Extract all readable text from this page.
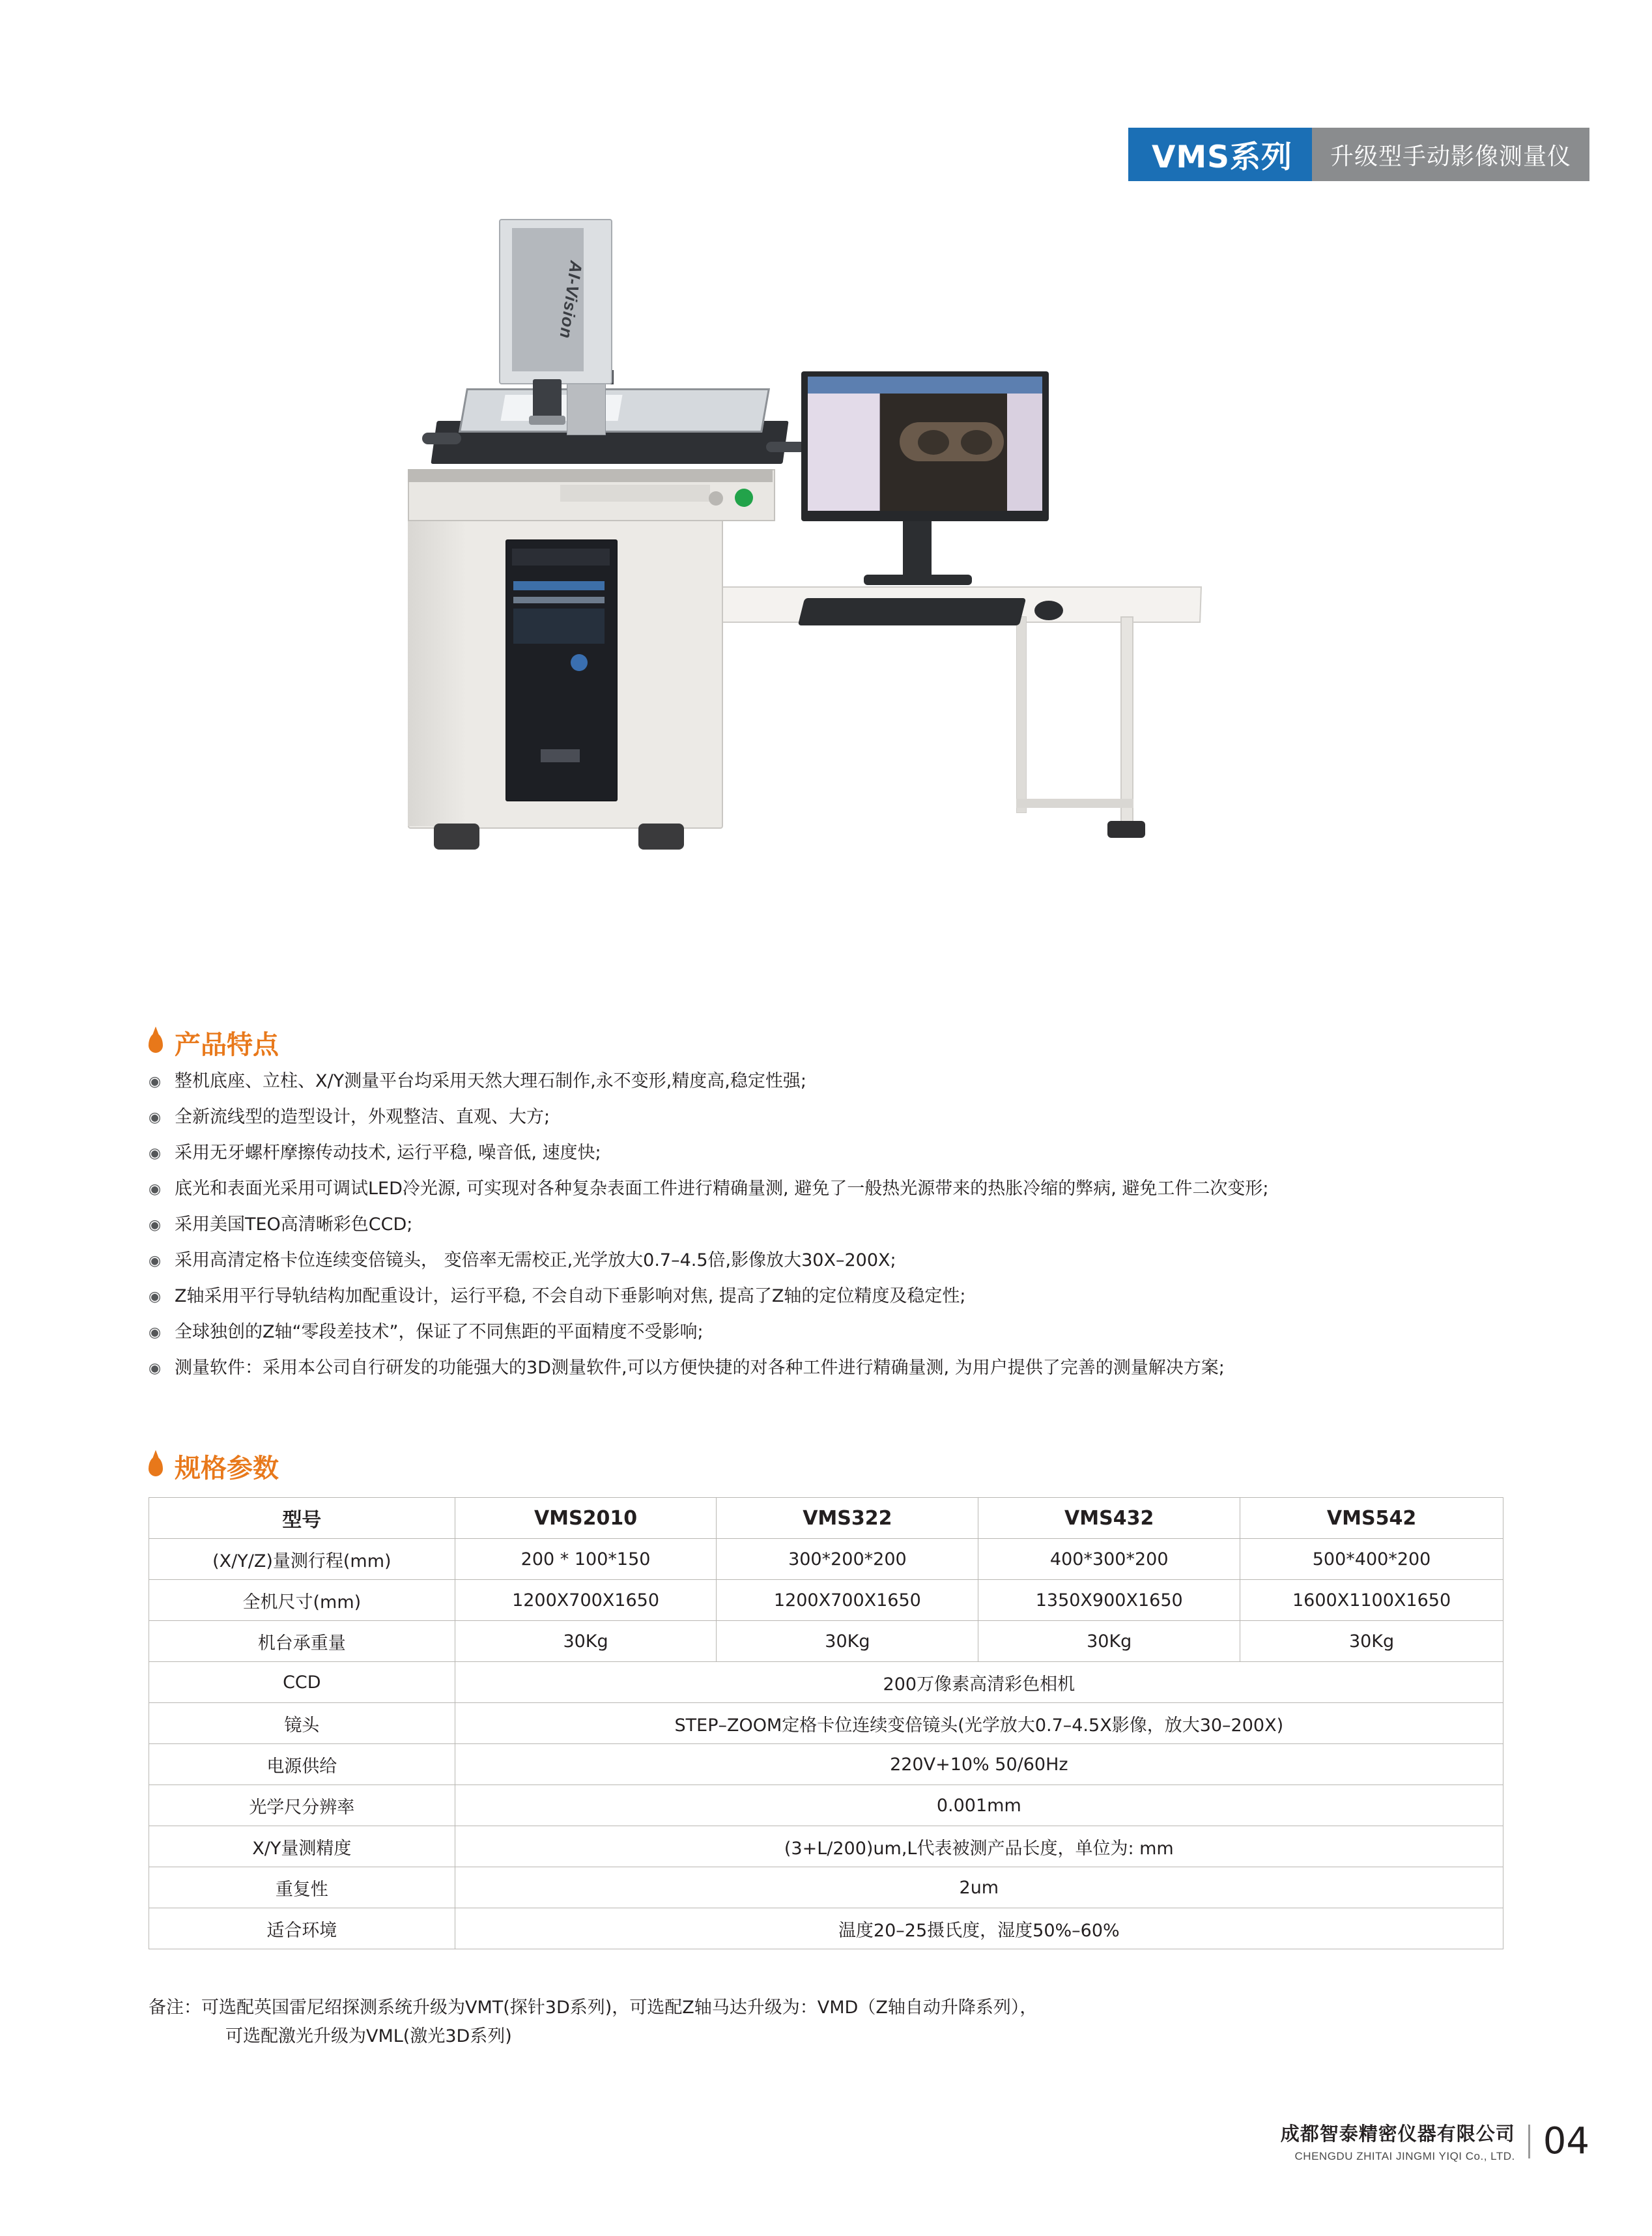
VMS系列	升级型手动影像测量仪
AI-Vision
产品特点
◉ 整机底座、立柱、X/Y测量平台均采用天然大理石制作,永不变形,精度高,稳定性强;
◉ 全新流线型的造型设计，外观整洁、直观、大方;
◉ 采用无牙螺杆摩擦传动技术, 运行平稳, 噪音低, 速度快;
◉ 底光和表面光采用可调试LED冷光源, 可实现对各种复杂表面工件进行精确量测, 避免了一般热光源带来的热胀冷缩的弊病, 避免工件二次变形;
◉ 采用美国TEO高清晰彩色CCD;
◉ 采用高清定格卡位连续变倍镜头， 变倍率无需校正,光学放大0.7–4.5倍,影像放大30X–200X;
◉ Z轴采用平行导轨结构加配重设计，运行平稳, 不会自动下垂影响对焦, 提高了Z轴的定位精度及稳定性;
◉ 全球独创的Z轴“零段差技术”，保证了不同焦距的平面精度不受影响;
◉ 测量软件：采用本公司自行研发的功能强大的3D测量软件,可以方便快捷的对各种工件进行精确量测, 为用户提供了完善的测量解决方案;
规格参数
型号	VMS2010	VMS322	VMS432	VMS542
(X/Y/Z)量测行程(mm)	200 * 100*150	300*200*200	400*300*200	500*400*200
全机尺寸(mm)	1200X700X1650	1200X700X1650	1350X900X1650	1600X1100X1650
机台承重量	30Kg	30Kg	30Kg	30Kg
CCD	200万像素高清彩色相机			
镜头	STEP–ZOOM定格卡位连续变倍镜头(光学放大0.7–4.5X影像，放大30–200X)			
电源供给	220V+10% 50/60Hz			
光学尺分辨率	0.001mm			
X/Y量测精度	(3+L/200)um,L代表被测产品长度，单位为: mm			
重复性	2um			
适合环境	温度20–25摄氏度，湿度50%–60%			
备注：可选配英国雷尼绍探测系统升级为VMT(探针3D系列)，可选配Z轴马达升级为：VMD（Z轴自动升降系列），
可选配激光升级为VML(激光3D系列)
成都智泰精密仪器有限公司
CHENGDU ZHITAI JINGMI YIQI Co., LTD. 04
